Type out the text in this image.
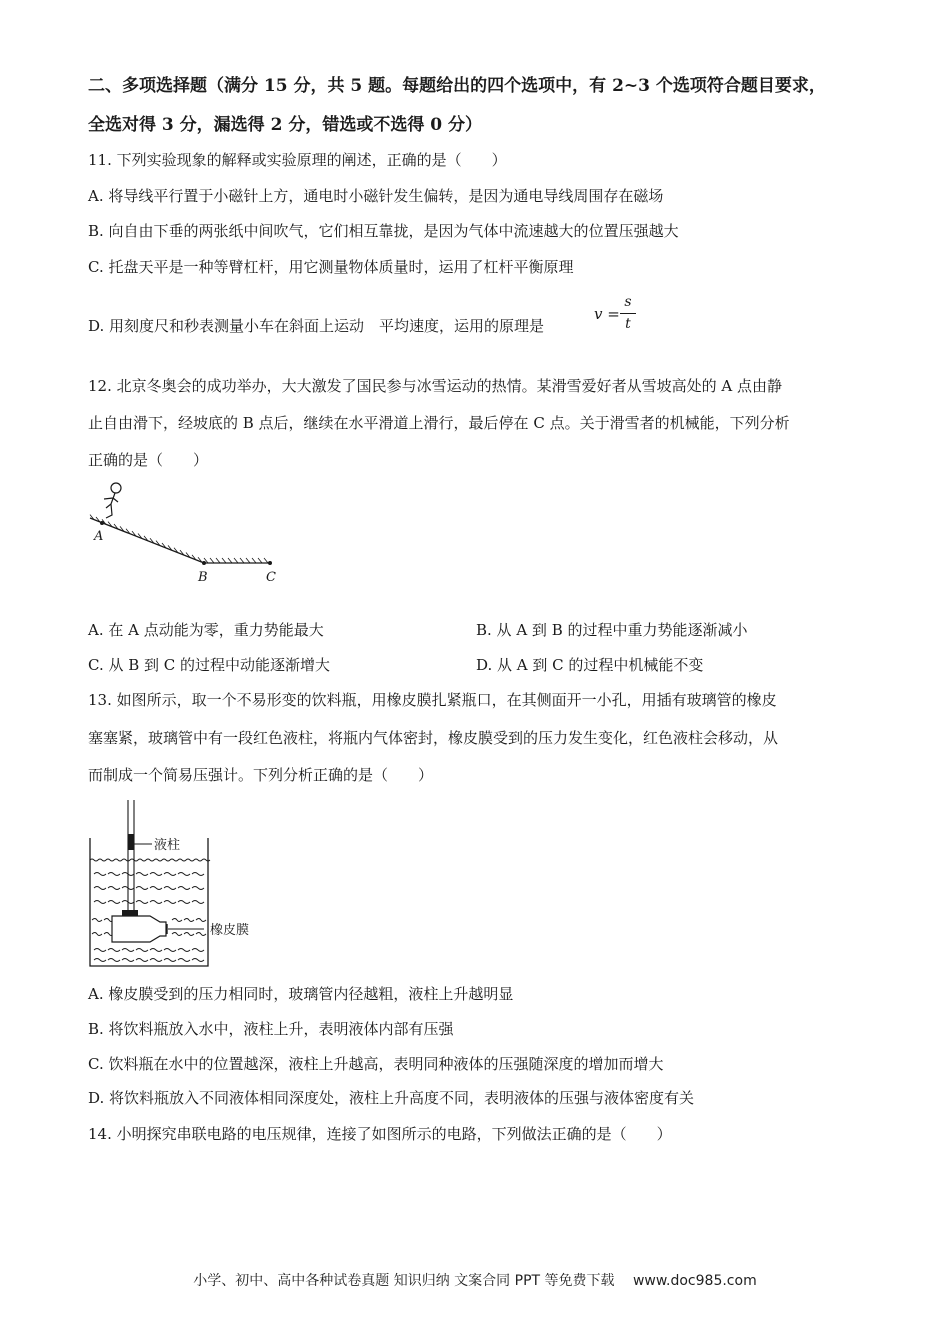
二、多项选择题（满分 15 分，共 5 题。每题给出的四个选项中，有 2~3 个选项符合题目要求，
全选对得 3 分，漏选得 2 分，错选或不选得 0 分）
11. 下列实验现象的解释或实验原理的阐述，正确的是（　　）
A. 将导线平行置于小磁针上方，通电时小磁针发生偏转，是因为通电导线周围存在磁场
B. 向自由下垂的两张纸中间吹气，它们相互靠拢，是因为气体中流速越大的位置压强越大
C. 托盘天平是一种等臂杠杆，用它测量物体质量时，运用了杠杆平衡原理
D. 用刻度尺和秒表测量小车在斜面上运动　平均速度，运用的原理是
v =
s
t
12. 北京冬奥会的成功举办，大大激发了国民参与冰雪运动的热情。某滑雪爱好者从雪坡高处的 A 点由静
止自由滑下，经坡底的 B 点后，继续在水平滑道上滑行，最后停在 C 点。关于滑雪者的机械能，下列分析
正确的是（　　）
A
B	C
A. 在 A 点动能为零，重力势能最大	B. 从 A 到 B 的过程中重力势能逐渐减小
C. 从 B 到 C 的过程中动能逐渐增大	D. 从 A 到 C 的过程中机械能不变
13. 如图所示，取一个不易形变的饮料瓶，用橡皮膜扎紧瓶口，在其侧面开一小孔，用插有玻璃管的橡皮
塞塞紧，玻璃管中有一段红色液柱，将瓶内气体密封，橡皮膜受到的压力发生变化，红色液柱会移动，从
而制成一个简易压强计。下列分析正确的是（　　）
液柱
橡皮膜
A. 橡皮膜受到的压力相同时，玻璃管内径越粗，液柱上升越明显
B. 将饮料瓶放入水中，液柱上升，表明液体内部有压强
C. 饮料瓶在水中的位置越深，液柱上升越高，表明同种液体的压强随深度的增加而增大
D. 将饮料瓶放入不同液体相同深度处，液柱上升高度不同，表明液体的压强与液体密度有关
14. 小明探究串联电路的电压规律，连接了如图所示的电路，下列做法正确的是（　　）
小学、初中、高中各种试卷真题 知识归纳 文案合同 PPT 等免费下载　 www.doc985.com
